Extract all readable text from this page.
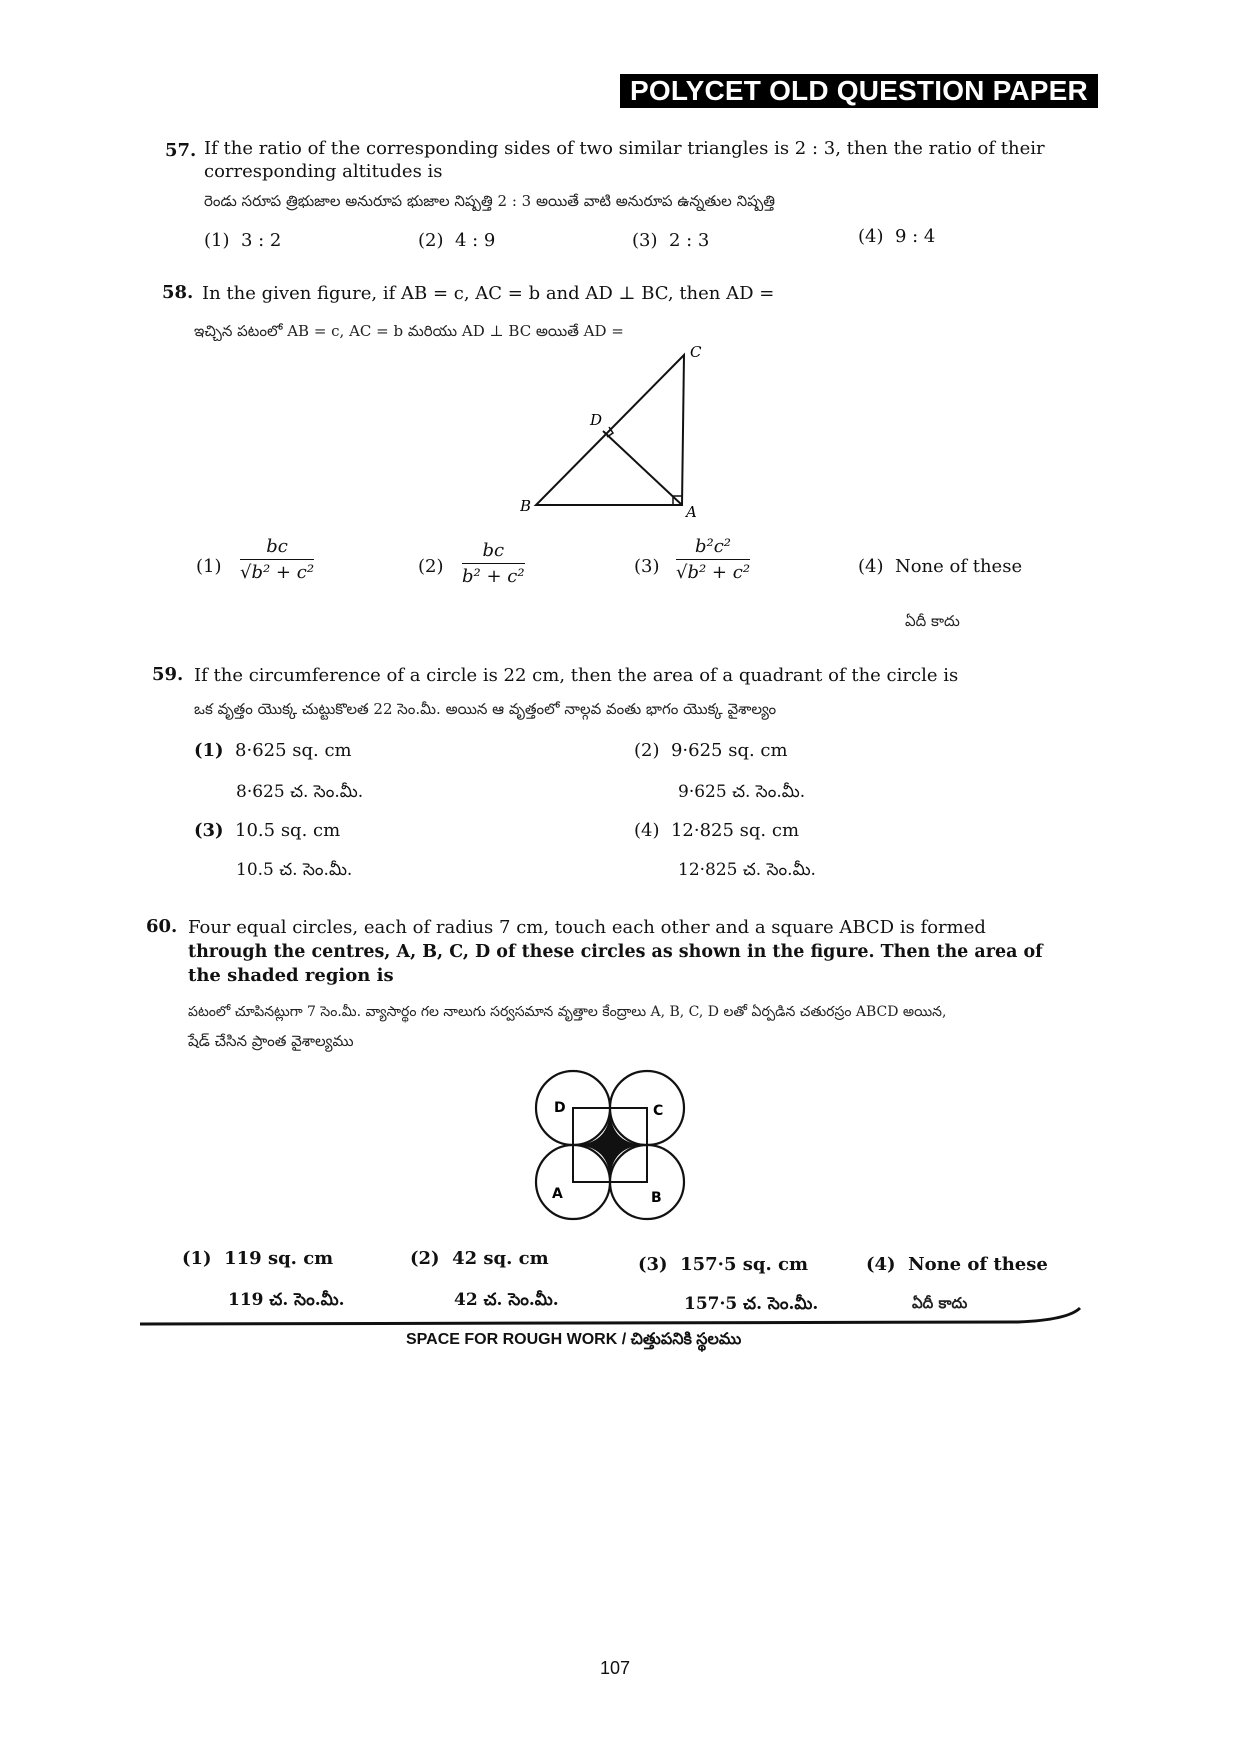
POLYCET OLD QUESTION PAPER
57. If the ratio of the corresponding sides of two similar triangles is 2 : 3, then the ratio of their
corresponding altitudes is
రెండు సరూప త్రిభుజాల అనురూప భుజాల నిష్పత్తి 2 : 3 అయితే వాటి అనురూప ఉన్నతుల నిష్పత్తి
(1) 3 : 2	(2) 4 : 9	(3) 2 : 3	(4) 9 : 4
58. In the given figure, if AB = c, AC = b and AD ⊥ BC, then AD =
ఇచ్చిన పటంలో AB = c, AC = b మరియు AD ⊥ BC అయితే AD =
C
D
B	A
$(1) \frac{bc}{\text{√b² + c²}}$	$(2) \frac{bc}{\text{b² + c²}}$	$(3) \frac{\text{b²c²}}{\text{√b² + c²}}$	(4) None of these
ఏదీ కాదు
59. If the circumference of a circle is 22 cm, then the area of a quadrant of the circle is
ఒక వృత్తం యొక్క చుట్టుకొలత 22 సెం.మీ. అయిన ఆ వృత్తంలో నాల్గవ వంతు భాగం యొక్క వైశాల్యం
(1) 8·625 sq. cm
8·625 చ. సెం.మీ.
(2) 9·625 sq. cm
9·625 చ. సెం.మీ.
(3) 10.5 sq. cm
10.5 చ. సెం.మీ.
(4) 12·825 sq. cm
12·825 చ. సెం.మీ.
60. Four equal circles, each of radius 7 cm, touch each other and a square ABCD is formed
through the centres, A, B, C, D of these circles as shown in the figure. Then the area of
the shaded region is
పటంలో చూపినట్లుగా 7 సెం.మీ. వ్యాసార్థం గల నాలుగు సర్వసమాన వృత్తాల కేంద్రాలు A, B, C, D లతో ఏర్పడిన చతురస్రం ABCD అయిన,
షేడ్ చేసిన ప్రాంత వైశాల్యము
D	C
A	B
(1) 119 sq. cm
119 చ. సెం.మీ.
(2) 42 sq. cm
42 చ. సెం.మీ.
(3) 157·5 sq. cm
157·5 చ. సెం.మీ.
(4) None of these
ఏదీ కాదు
SPACE FOR ROUGH WORK / చిత్తుపనికి స్థలము
107
